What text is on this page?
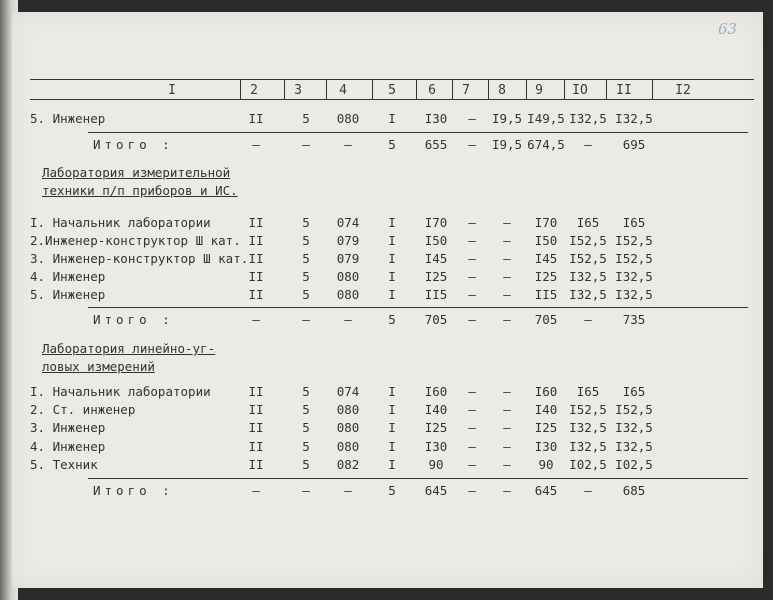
63
I	2	3	4	5 6 7 8 9 IO II	I2
5. Инженер	II	5 080 I I30 – I9,5 I49,5 I32,5 I32,5
Итого :	–	–	–	5 655 – I9,5 674,5 – 695
Лаборатория измерительной
техники п/п приборов и ИС.
I. Начальник лаборатории	II	5 074 I I70 – – I70 I65 I65
2.Инженер-конструктор Ш кат. II	5 079 I I50 – – I50 I52,5 I52,5
3. Инженер-конструктор Ш кат. II	5 079 I I45 – – I45 I52,5 I52,5
4. Инженер	II	5 080 I I25 – – I25 I32,5 I32,5
5. Инженер	II	5 080 I II5 – – II5 I32,5 I32,5
Итого :	–	–	–	5 705 – – 705 – 735
Лаборатория линейно-уг-
ловых измерений
I. Начальник лаборатории	II	5 074 I I60 – – I60 I65 I65
2. Ст. инженер	II	5 080 I I40 – – I40 I52,5 I52,5
3. Инженер	II	5 080 I I25 – – I25 I32,5 I32,5
4. Инженер	II	5 080 I I30 – – I30 I32,5 I32,5
5. Техник	II	5 082 I	90 – – 90 I02,5 I02,5
Итого :	–	–	–	5 645 – – 645 – 685
